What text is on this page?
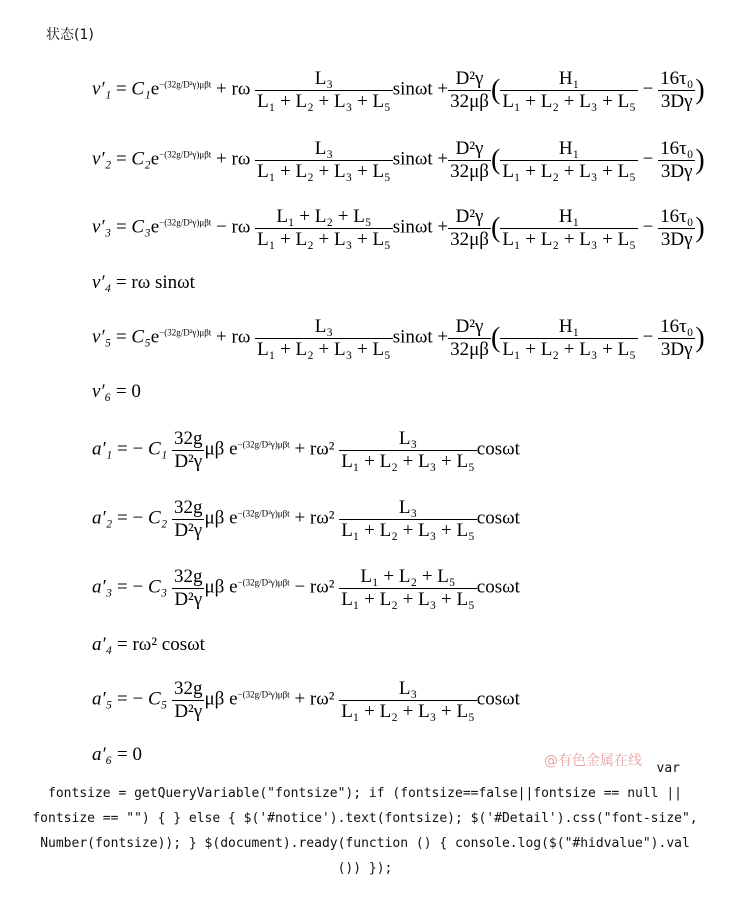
状态(1)
$v'_1 = C_1e^{-(32g/D^2\gamma)\mu\beta t} + r\omega \frac{\text{L₃}}{\text{L₁ + L₂ + L₃ + L₅}}$ $\sin\omega t + \frac{\text{D²γ}}{32\mu\beta}$ ( $\frac{\text{H₁}}{\text{L₁ + L₂ + L₃ + L₅}} - \frac{\text{16τ₀}}{3D\gamma}$ )
$v'_2 = C_2e^{-(32g/D^2\gamma)\mu\beta t} + r\omega \frac{\text{L₃}}{\text{L₁ + L₂ + L₃ + L₅}}$ $\sin\omega t + \frac{\text{D²γ}}{32\mu\beta}$ ( $\frac{\text{H₁}}{\text{L₁ + L₂ + L₃ + L₅}} - \frac{\text{16τ₀}}{3D\gamma}$ )
$v'_3 = C_3e^{-(32g/D^2\gamma)\mu\beta t} - r\omega \frac{\text{L₁ + L₂ + L₅}}{\text{L₁ + L₂ + L₃ + L₅}}$ $\sin\omega t + \frac{\text{D²γ}}{32\mu\beta}$ ( $\frac{\text{H₁}}{\text{L₁ + L₂ + L₃ + L₅}} - \frac{\text{16τ₀}}{3D\gamma}$ )
v′₄ = rω sinωt
$v'_5 = C_5e^{-(32g/D^2\gamma)\mu\beta t} + r\omega \frac{\text{L₃}}{\text{L₁ + L₂ + L₃ + L₅}}$ $\sin\omega t + \frac{\text{D²γ}}{32\mu\beta}$ ( $\frac{\text{H₁}}{\text{L₁ + L₂ + L₃ + L₅}} - \frac{\text{16τ₀}}{3D\gamma}$ )
v′₆ = 0
a′₁ = − $C_1 \frac{32g}{\text{D²γ}}$ μβ $e^{-(32g/D^2\gamma)\mu\beta t} + r\omega^2 \frac{\text{L₃}}{\text{L₁ + L₂ + L₃ + L₅}}$ cosωt
a′₂ = − $C_2 \frac{32g}{\text{D²γ}}$ μβ $e^{-(32g/D^2\gamma)\mu\beta t} + r\omega^2 \frac{\text{L₃}}{\text{L₁ + L₂ + L₃ + L₅}}$ cosωt
a′₃ = − $C_3 \frac{32g}{\text{D²γ}}$ μβ $e^{-(32g/D^2\gamma)\mu\beta t} - r\omega^2 \frac{\text{L₁ + L₂ + L₅}}{\text{L₁ + L₂ + L₃ + L₅}}$ cosωt
a′₄ = rω² cosωt
a′₅ = − $C_5 \frac{32g}{\text{D²γ}}$ μβ $e^{-(32g/D^2\gamma)\mu\beta t} + r\omega^2 \frac{\text{L₃}}{\text{L₁ + L₂ + L₃ + L₅}}$ cosωt
a′₆ = 0	@有色金属在线 var
fontsize = getQueryVariable("fontsize"); if (fontsize==false||fontsize == null ||
fontsize == "") { } else { $('#notice').text(fontsize); $('#Detail').css("font-size",
Number(fontsize)); } $(document).ready(function () { console.log($("#hidvalue").val
()) });
